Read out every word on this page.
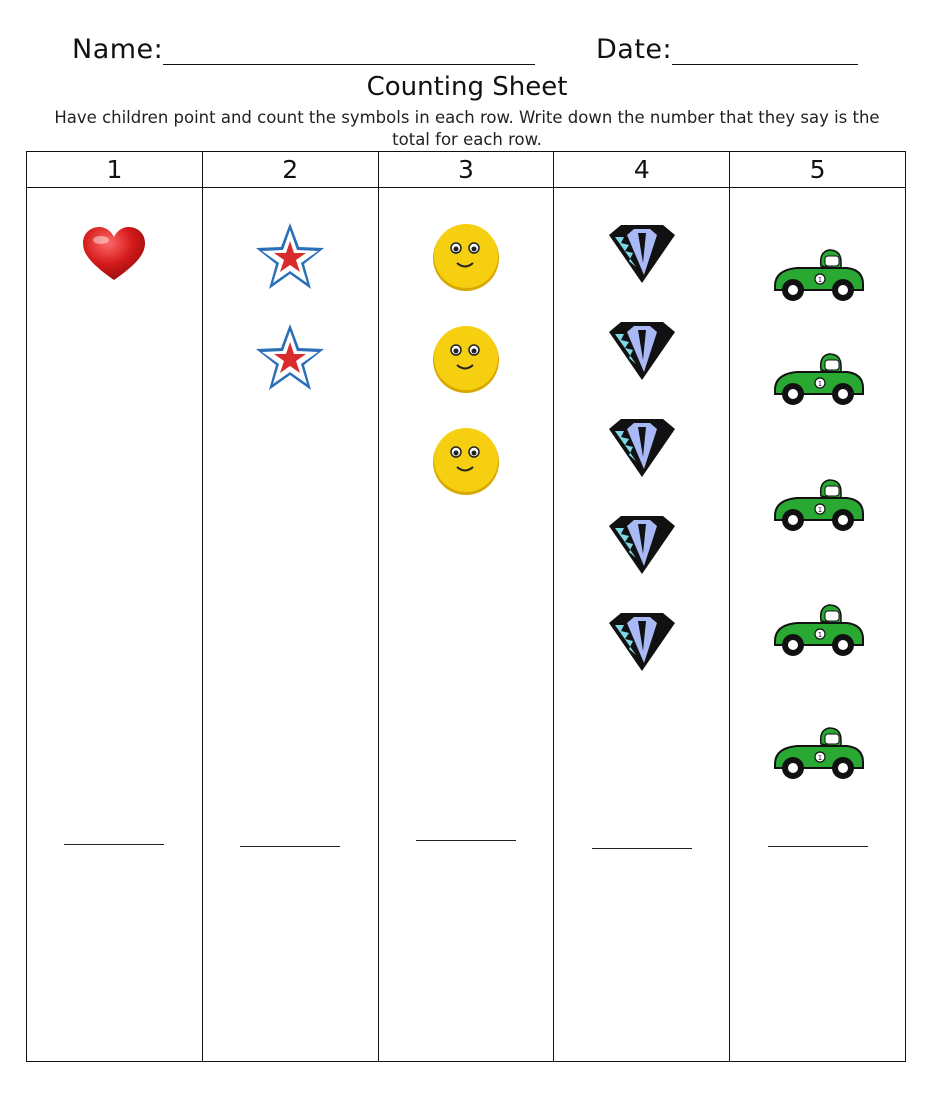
Name:	Date:
Counting Sheet
Have children point and count the symbols in each row. Write down the number that they say is the total for each row.
1	2	3	4	5

1
1
1
1
1
